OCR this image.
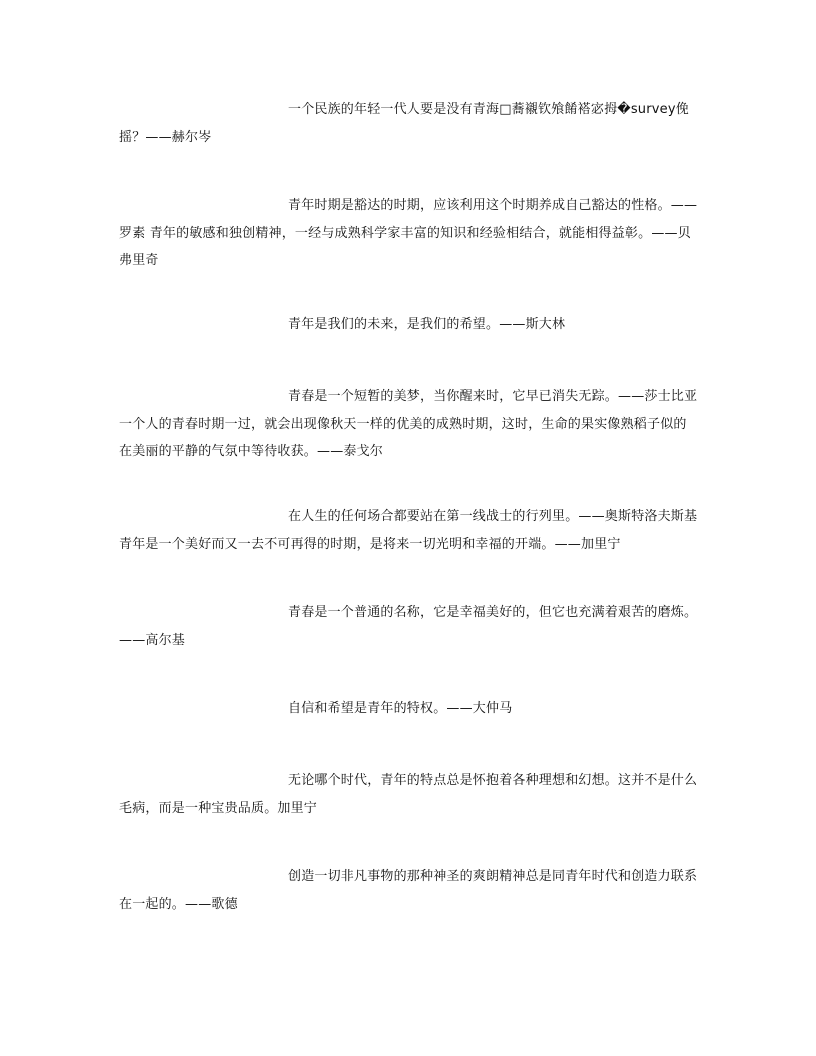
一个民族的年轻一代人要是没有青海□蕎襯钦飧餚褡宓拇�survey俛摇？——赫尔岑

青年时期是豁达的时期，应该利用这个时期养成自己豁达的性格。——罗素 青年的敏感和独创精神，一经与成熟科学家丰富的知识和经验相结合，就能相得益彰。——贝弗里奇

青年是我们的未来，是我们的希望。——斯大林

青春是一个短暂的美梦，当你醒来时，它早已消失无踪。——莎士比亚 一个人的青春时期一过，就会出现像秋天一样的优美的成熟时期，这时，生命的果实像熟稻子似的在美丽的平静的气氛中等待收获。——泰戈尔

在人生的任何场合都要站在第一线战士的行列里。——奥斯特洛夫斯基 青年是一个美好而又一去不可再得的时期，是将来一切光明和幸福的开端。——加里宁

青春是一个普通的名称，它是幸福美好的，但它也充满着艰苦的磨炼。——高尔基

自信和希望是青年的特权。——大仲马

无论哪个时代，青年的特点总是怀抱着各种理想和幻想。这并不是什么毛病，而是一种宝贵品质。加里宁

创造一切非凡事物的那种神圣的爽朗精神总是同青年时代和创造力联系在一起的。——歌德
